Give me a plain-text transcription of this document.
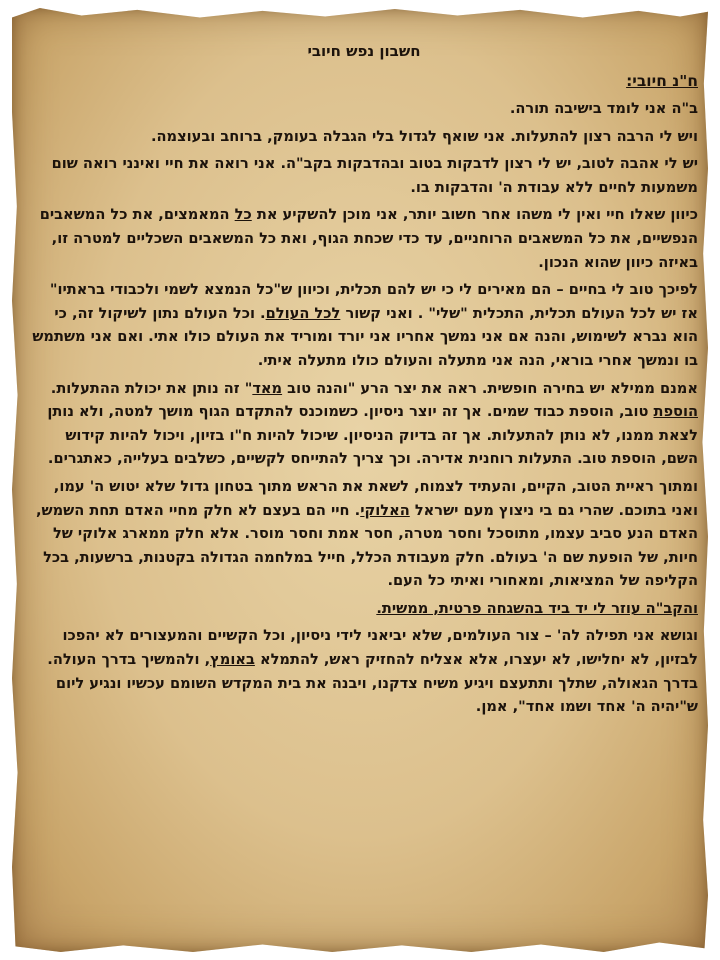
חשבון נפש חיובי
ח"נ חיובי:

ב"ה אני לומד בישיבה תורה.

ויש לי הרבה רצון להתעלות. אני שואף לגדול בלי הגבלה בעומק, ברוחב ובעוצמה.

יש לי אהבה לטוב, יש לי רצון לדבקות בטוב ובהדבקות בקב"ה. אני רואה את חיי ואינני רואה שום משמעות לחיים ללא עבודת ה' והדבקות בו.

כיוון שאלו חיי ואין לי משהו אחר חשוב יותר, אני מוכן להשקיע את כל המאמצים, את כל המשאבים הנפשיים, את כל המשאבים הרוחניים, עד כדי שכחת הגוף, ואת כל המשאבים השכליים למטרה זו, באיזה כיוון שהוא הנכון.

לפיכך טוב לי בחיים – הם מאירים לי כי יש להם תכלית, וכיוון ש"כל הנמצא לשמי ולכבודי בראתיו" אז יש לכל העולם תכלית, התכלית "שלי" . ואני קשור לכל העולם. וכל העולם נתון לשיקול זה, כי הוא נברא לשימוש, והנה אם אני נמשך אחריו אני יורד ומוריד את העולם כולו אתי. ואם אני משתמש בו ונמשך אחרי בוראי, הנה אני מתעלה והעולם כולו מתעלה איתי.

אמנם ממילא יש בחירה חופשית. ראה את יצר הרע "והנה טוב מאד" זה נותן את יכולת ההתעלות. הוספת טוב, הוספת כבוד שמים. אך זה יוצר ניסיון. כשמוכנס להתקדם הגוף מושך למטה, ולא נותן לצאת ממנו, לא נותן להתעלות. אך זה בדיוק הניסיון. שיכול להיות ח"ו בזיון, ויכול להיות קידוש השם, הוספת טוב. התעלות רוחנית אדירה. וכך צריך להתייחס לקשיים, כשלבים בעלייה, כאתגרים.

ומתוך ראיית הטוב, הקיים, והעתיד לצמוח, לשאת את הראש מתוך בטחון גדול שלא יטוש ה' עמו, ואני בתוכם. שהרי גם בי ניצוץ מעם ישראל האלוקי. חיי הם בעצם לא חלק מחיי האדם תחת השמש, האדם הנע סביב עצמו, מתוסכל וחסר מטרה, חסר אמת וחסר מוסר. אלא חלק ממארג אלוקי של חיות, של הופעת שם ה' בעולם. חלק מעבודת הכלל, חייל במלחמה הגדולה בקטנות, ברשעות, בכל הקליפה של המציאות, ומאחורי ואיתי כל העם.

והקב"ה עוזר לי יד ביד בהשגחה פרטית, ממשית.

וגושא אני תפילה לה' – צור העולמים, שלא יביאני לידי ניסיון, וכל הקשיים והמעצורים לא יהפכו לבזיון, לא יחלישו, לא יעצרו, אלא אצליח להחזיק ראש, להתמלא באומץ, ולהמשיך בדרך העולה. בדרך הגאולה, שתלך ותתעצם ויגיע משיח צדקנו, ויבנה את בית המקדש השומם עכשיו ונגיע ליום ש"יהיה ה' אחד ושמו אחד", אמן.
